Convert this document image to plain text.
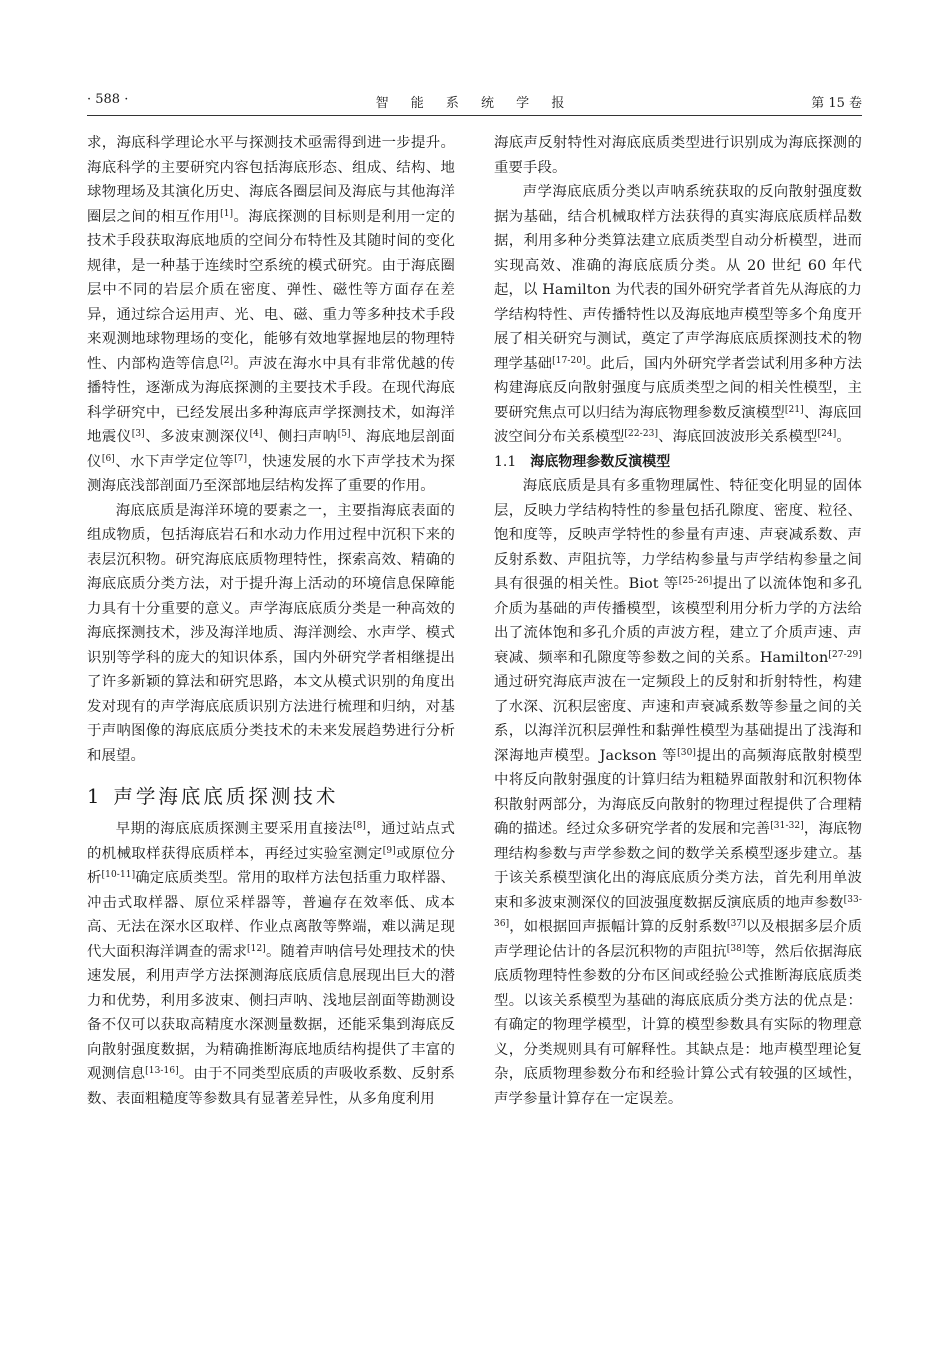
· 588 ·	智 能 系 统 学 报	第 15 卷

求，海底科学理论水平与探测技术亟需得到进一步提升。海底科学的主要研究内容包括海底形态、组成、结构、地球物理场及其演化历史、海底各圈层间及海底与其他海洋圈层之间的相互作用[1]。海底探测的目标则是利用一定的技术手段获取海底地质的空间分布特性及其随时间的变化规律，是一种基于连续时空系统的模式研究。由于海底圈层中不同的岩层介质在密度、弹性、磁性等方面存在差异，通过综合运用声、光、电、磁、重力等多种技术手段来观测地球物理场的变化，能够有效地掌握地层的物理特性、内部构造等信息[2]。声波在海水中具有非常优越的传播特性，逐渐成为海底探测的主要技术手段。在现代海底科学研究中，已经发展出多种海底声学探测技术，如海洋地震仪[3]、多波束测深仪[4]、侧扫声呐[5]、海底地层剖面仪[6]、水下声学定位等[7]，快速发展的水下声学技术为探测海底浅部剖面乃至深部地层结构发挥了重要的作用。

海底底质是海洋环境的要素之一，主要指海底表面的组成物质，包括海底岩石和水动力作用过程中沉积下来的表层沉积物。研究海底底质物理特性，探索高效、精确的海底底质分类方法，对于提升海上活动的环境信息保障能力具有十分重要的意义。声学海底底质分类是一种高效的海底探测技术，涉及海洋地质、海洋测绘、水声学、模式识别等学科的庞大的知识体系，国内外研究学者相继提出了许多新颖的算法和研究思路，本文从模式识别的角度出发对现有的声学海底底质识别方法进行梳理和归纳，对基于声呐图像的海底底质分类技术的未来发展趋势进行分析和展望。

1 声学海底底质探测技术

早期的海底底质探测主要采用直接法[8]，通过站点式的机械取样获得底质样本，再经过实验室测定[9]或原位分析[10-11]确定底质类型。常用的取样方法包括重力取样器、冲击式取样器、原位采样器等，普遍存在效率低、成本高、无法在深水区取样、作业点离散等弊端，难以满足现代大面积海洋调查的需求[12]。随着声呐信号处理技术的快速发展，利用声学方法探测海底底质信息展现出巨大的潜力和优势，利用多波束、侧扫声呐、浅地层剖面等勘测设备不仅可以获取高精度水深测量数据，还能采集到海底反向散射强度数据，为精确推断海底地质结构提供了丰富的观测信息[13-16]。由于不同类型底质的声吸收系数、反射系数、表面粗糙度等参数具有显著差异性，从多角度利用

海底声反射特性对海底底质类型进行识别成为海底探测的重要手段。

声学海底底质分类以声呐系统获取的反向散射强度数据为基础，结合机械取样方法获得的真实海底底质样品数据，利用多种分类算法建立底质类型自动分析模型，进而实现高效、准确的海底底质分类。从 20 世纪 60 年代起，以 Hamilton 为代表的国外研究学者首先从海底的力学结构特性、声传播特性以及海底地声模型等多个角度开展了相关研究与测试，奠定了声学海底底质探测技术的物理学基础[17-20]。此后，国内外研究学者尝试利用多种方法构建海底反向散射强度与底质类型之间的相关性模型，主要研究焦点可以归结为海底物理参数反演模型[21]、海底回波空间分布关系模型[22-23]、海底回波波形关系模型[24]。

1.1 海底物理参数反演模型

海底底质是具有多重物理属性、特征变化明显的固体层，反映力学结构特性的参量包括孔隙度、密度、粒径、饱和度等，反映声学特性的参量有声速、声衰减系数、声反射系数、声阻抗等，力学结构参量与声学结构参量之间具有很强的相关性。Biot 等[25-26]提出了以流体饱和多孔介质为基础的声传播模型，该模型利用分析力学的方法给出了流体饱和多孔介质的声波方程，建立了介质声速、声衰减、频率和孔隙度等参数之间的关系。Hamilton[27-29]通过研究海底声波在一定频段上的反射和折射特性，构建了水深、沉积层密度、声速和声衰减系数等参量之间的关系，以海洋沉积层弹性和黏弹性模型为基础提出了浅海和深海地声模型。Jackson 等[30]提出的高频海底散射模型中将反向散射强度的计算归结为粗糙界面散射和沉积物体积散射两部分，为海底反向散射的物理过程提供了合理精确的描述。经过众多研究学者的发展和完善[31-32]，海底物理结构参数与声学参数之间的数学关系模型逐步建立。基于该关系模型演化出的海底底质分类方法，首先利用单波束和多波束测深仪的回波强度数据反演底质的地声参数[33-36]，如根据回声振幅计算的反射系数[37]以及根据多层介质声学理论估计的各层沉积物的声阻抗[38]等，然后依据海底底质物理特性参数的分布区间或经验公式推断海底底质类型。以该关系模型为基础的海底底质分类方法的优点是：有确定的物理学模型，计算的模型参数具有实际的物理意义，分类规则具有可解释性。其缺点是：地声模型理论复杂，底质物理参数分布和经验计算公式有较强的区域性，声学参量计算存在一定误差。
